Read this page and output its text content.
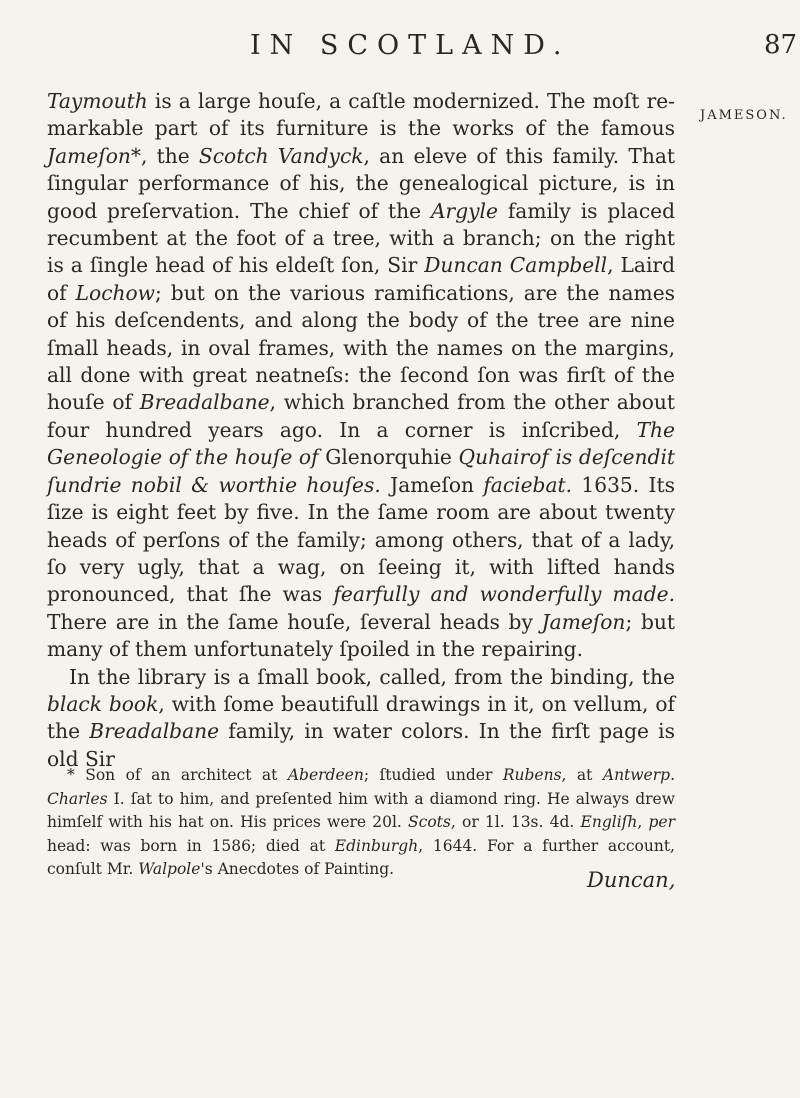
IN SCOTLAND.	87
JAMESON.

Taymouth is a large houſe, a caſtle modernized. The moſt remarkable part of its furniture is the works of the famous Jameſon*, the Scotch Vandyck, an eleve of this family. That ſingular performance of his, the genealogical picture, is in good preſervation. The chief of the Argyle family is placed recumbent at the foot of a tree, with a branch; on the right is a ſingle head of his eldeſt ſon, Sir Duncan Campbell, Laird of Lochow; but on the various ramifications, are the names of his deſcendents, and along the body of the tree are nine ſmall heads, in oval frames, with the names on the margins, all done with great neatneſs: the ſecond ſon was firſt of the houſe of Breadalbane, which branched from the other about four hundred years ago. In a corner is inſcribed, The Geneologie of the houſe of Glenorquhie Quhairof is deſcendit ſundrie nobil & worthie houſes. Jameſon faciebat. 1635. Its ſize is eight feet by five. In the ſame room are about twenty heads of perſons of the family; among others, that of a lady, ſo very ugly, that a wag, on ſeeing it, with lifted hands pronounced, that ſhe was fearfully and wonderfully made. There are in the ſame houſe, ſeveral heads by Jameſon; but many of them unfortunately ſpoiled in the repairing.

In the library is a ſmall book, called, from the binding, the black book, with ſome beautifull drawings in it, on vellum, of the Breadalbane family, in water colors. In the firſt page is old Sir

* Son of an architect at Aberdeen; ſtudied under Rubens, at Antwerp. Charles I. ſat to him, and preſented him with a diamond ring. He always drew himſelf with his hat on. His prices were 20l. Scots, or 1l. 13s. 4d. Engliſh, per head: was born in 1586; died at Edinburgh, 1644. For a further account, conſult Mr. Walpole's Anecdotes of Painting.	Duncan,
